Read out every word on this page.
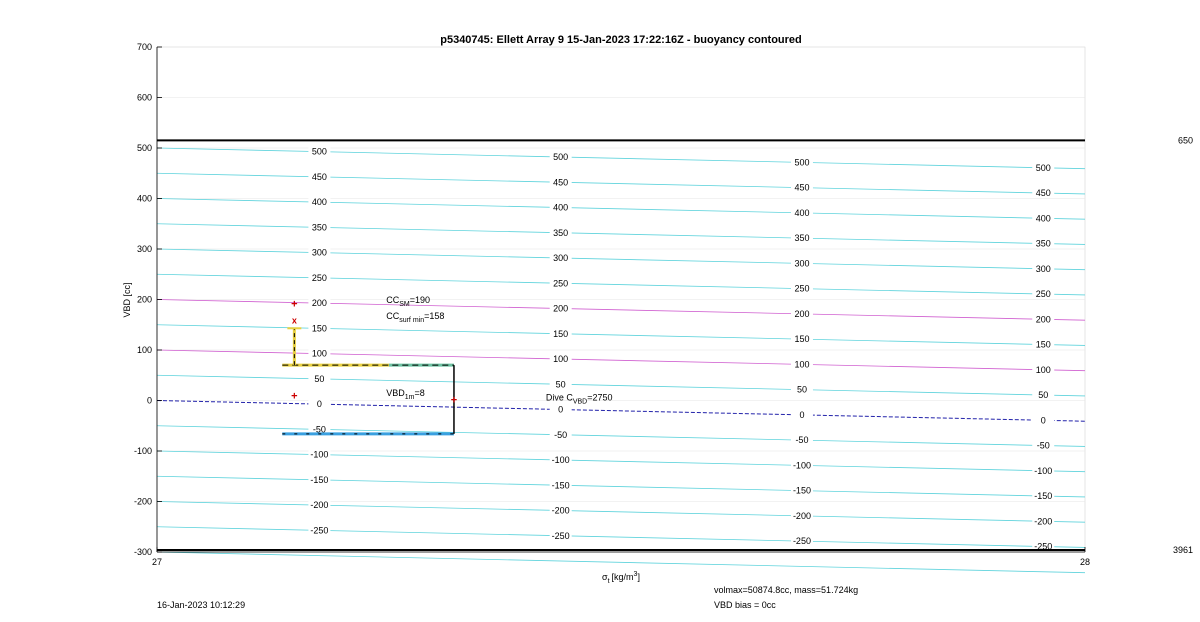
500
500
500
500
450
450
450
450
400
400
400
400
350
350
350
350
300
300
300
300
250
250
250
250
200
200
200
200
150
150
150
150
100
100
100
100
50
50
50
50
0
0
0
0
-50
-50
-50
-50
-100
-100
-100
-100
-150
-150
-150
-150
-200
-200
-200
-200
-250
-250
-250
-250
650
3961
+
x
+	+
$CC_{SM}=190$
$CC_{surf min}=158$
$VBD_{1m}=8$	Dive $C_{VBD}=2750$
700
600
500
400
300
200
100
0
-100
-200
-300
27	28
p5340745: Ellett Array 9 15-Jan-2023 17:22:16Z - buoyancy contoured
VBD [cc]
$\sigma_t$ $[kg/m^3]$
16-Jan-2023 10:12:29
volmax=50874.8cc, mass=51.724kg
VBD bias = 0cc
